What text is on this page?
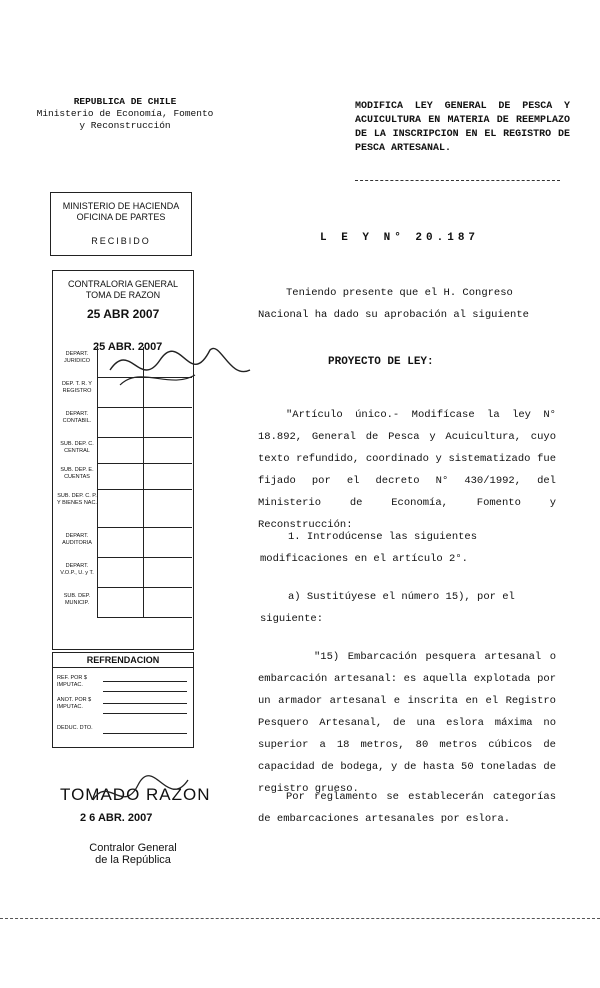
REPUBLICA DE CHILE
Ministerio de Economía, Fomento
y Reconstrucción
MODIFICA LEY GENERAL DE PESCA Y ACUICULTURA EN MATERIA DE REEMPLAZO DE LA INSCRIPCION EN EL REGISTRO DE PESCA ARTESANAL.
MINISTERIO DE HACIENDA
OFICINA DE PARTES
RECIBIDO
CONTRALORIA GENERAL
TOMA DE RAZON
25 ABR 2007
25 ABR. 2007
DEPART. JURIDICO
DEP. T. R. Y REGISTRO
DEPART. CONTABIL.
SUB. DEP. C. CENTRAL
SUB. DEP. E. CUENTAS
SUB. DEP. C. P. Y BIENES NAC.
DEPART. AUDITORIA
DEPART. V.O.P., U. y T.
SUB. DEP. MUNICIP.
REFRENDACION
REF. POR $ IMPUTAC.
ANOT. POR $ IMPUTAC.
DEDUC. DTO.
TOMADO RAZON
2 6 ABR. 2007
Contralor General
de la República
L E Y N° 20.187
Teniendo presente que el H. Congreso
Nacional ha dado su aprobación al siguiente
PROYECTO DE LEY:
"Artículo único.- Modifícase la ley N° 18.892, General de Pesca y Acuicultura, cuyo texto refundido, coordinado y sistematizado fue fijado por el decreto N° 430/1992, del Ministerio de Economía, Fomento y Reconstrucción:
1. Introdúcense las siguientes modificaciones en el artículo 2°.
a) Sustitúyese el número 15), por el siguiente:
"15) Embarcación pesquera artesanal o embarcación artesanal: es aquella explotada por un armador artesanal e inscrita en el Registro Pesquero Artesanal, de una eslora máxima no superior a 18 metros, 80 metros cúbicos de capacidad de bodega, y de hasta 50 toneladas de registro grueso.
Por reglamento se establecerán categorías de embarcaciones artesanales por eslora.
